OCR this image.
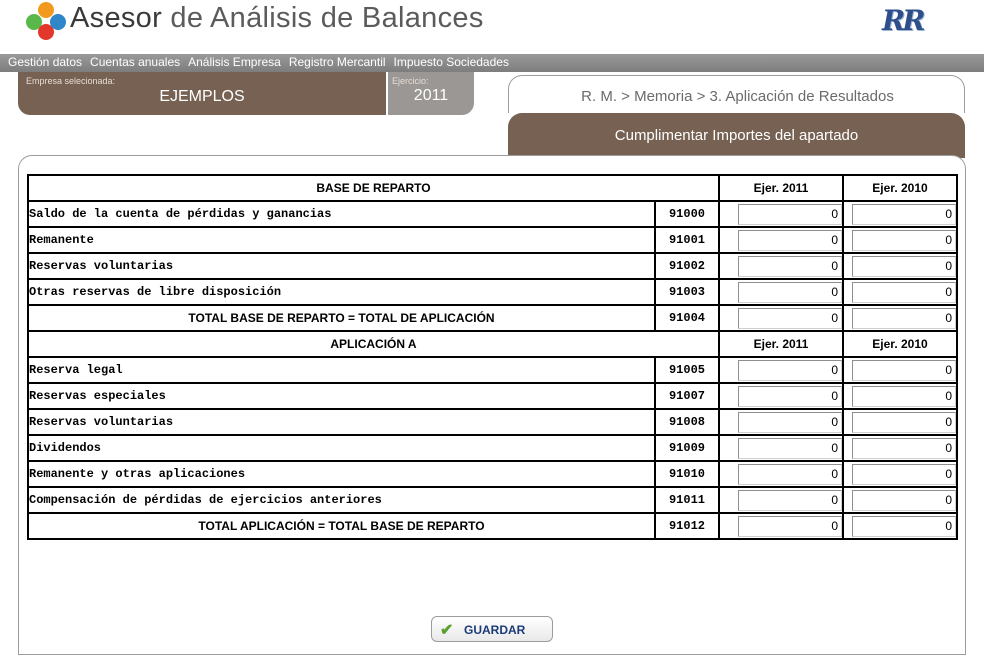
Asesor de Análisis de Balances	RR
Gestión datos Cuentas anuales Análisis Empresa Registro Mercantil Impuesto Sociedades
Empresa selecionada:
EJEMPLOS
Ejercicio:
2011	R. M. > Memoria > 3. Aplicación de Resultados
Cumplimentar Importes del apartado
BASE DE REPARTO		Ejer. 2011	Ejer. 2010
Saldo de la cuenta de pérdidas y ganancias	91000	0	0
Remanente	91001	0	0
Reservas voluntarias	91002	0	0
Otras reservas de libre disposición	91003	0	0
TOTAL BASE DE REPARTO = TOTAL DE APLICACIÓN	91004	0	0
APLICACIÓN A		Ejer. 2011	Ejer. 2010
Reserva legal	91005	0	0
Reservas especiales	91007	0	0
Reservas voluntarias	91008	0	0
Dividendos	91009	0	0
Remanente y otras aplicaciones	91010	0	0
Compensación de pérdidas de ejercicios anteriores	91011	0	0
TOTAL APLICACIÓN = TOTAL BASE DE REPARTO	91012	0	0
✔ GUARDAR
